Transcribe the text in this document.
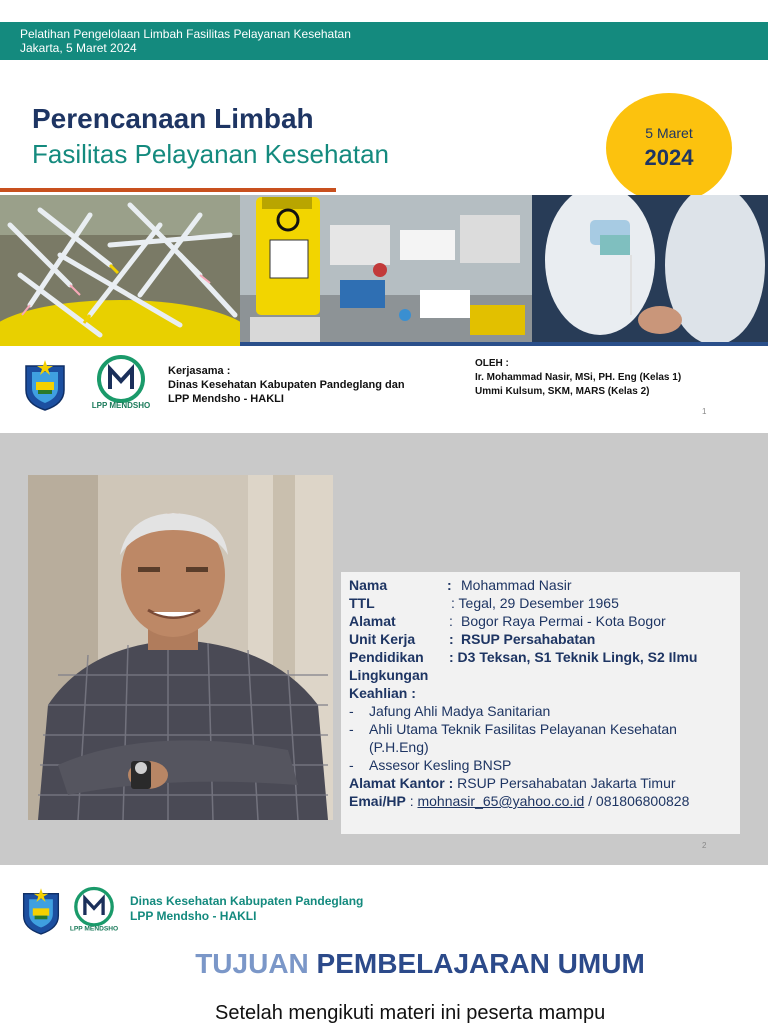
Pelatihan Pengelolaan Limbah Fasilitas Pelayanan Kesehatan
Jakarta, 5 Maret 2024
Perencanaan Limbah
Fasilitas Pelayanan Kesehatan
5 Maret
2024
LPP MENDSHO
Kerjasama :
Dinas Kesehatan Kabupaten Pandeglang dan
LPP Mendsho - HAKLI
OLEH :
Ir. Mohammad Nasir, MSi, PH. Eng (Kelas 1)
Ummi Kulsum, SKM, MARS (Kelas 2)
1
Nama	: Mohammad Nasir
TTL	: Tegal, 29 Desember 1965
Alamat	: Bogor Raya Permai - Kota Bogor
Unit Kerja : RSUP Persahabatan
Pendidikan : D3 Teksan, S1 Teknik Lingk, S2 Ilmu
Lingkungan
Keahlian :
- Jafung Ahli Madya Sanitarian
- Ahli Utama Teknik Fasilitas Pelayanan Kesehatan
(P.H.Eng)
- Assesor Kesling BNSP
Alamat Kantor : RSUP Persahabatan Jakarta Timur
Emai/HP : mohnasir_65@yahoo.co.id / 081806800828
2
LPP MENDSHO
Dinas Kesehatan Kabupaten Pandeglang
LPP Mendsho - HAKLI
TUJUAN PEMBELAJARAN UMUM
Setelah mengikuti materi ini peserta mampu
